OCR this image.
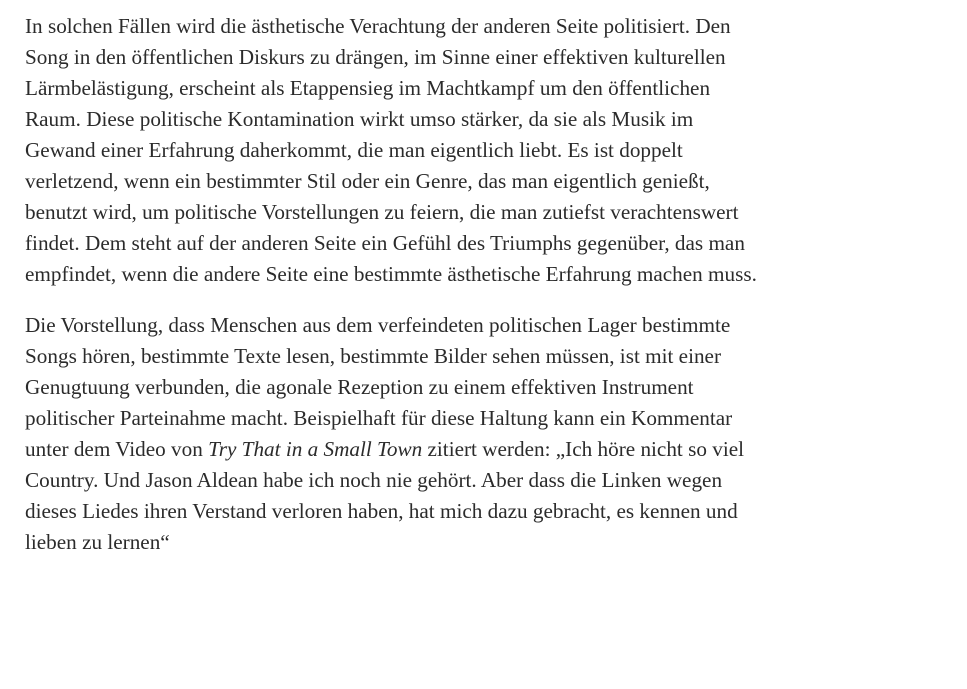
In solchen Fällen wird die ästhetische Verachtung der anderen Seite politisiert. Den
Song in den öffentlichen Diskurs zu drängen, im Sinne einer effektiven kulturellen
Lärmbelästigung, erscheint als Etappensieg im Machtkampf um den öffentlichen
Raum. Diese politische Kontamination wirkt umso stärker, da sie als Musik im
Gewand einer Erfahrung daherkommt, die man eigentlich liebt. Es ist doppelt
verletzend, wenn ein bestimmter Stil oder ein Genre, das man eigentlich genießt,
benutzt wird, um politische Vorstellungen zu feiern, die man zutiefst verachtenswert
findet. Dem steht auf der anderen Seite ein Gefühl des Triumphs gegenüber, das man
empfindet, wenn die andere Seite eine bestimmte ästhetische Erfahrung machen muss.

Die Vorstellung, dass Menschen aus dem verfeindeten politischen Lager bestimmte
Songs hören, bestimmte Texte lesen, bestimmte Bilder sehen müssen, ist mit einer
Genugtuung verbunden, die agonale Rezeption zu einem effektiven Instrument
politischer Parteinahme macht. Beispielhaft für diese Haltung kann ein Kommentar
unter dem Video von Try That in a Small Town zitiert werden: „Ich höre nicht so viel
Country. Und Jason Aldean habe ich noch nie gehört. Aber dass die Linken wegen
dieses Liedes ihren Verstand verloren haben, hat mich dazu gebracht, es kennen und
lieben zu lernen“
